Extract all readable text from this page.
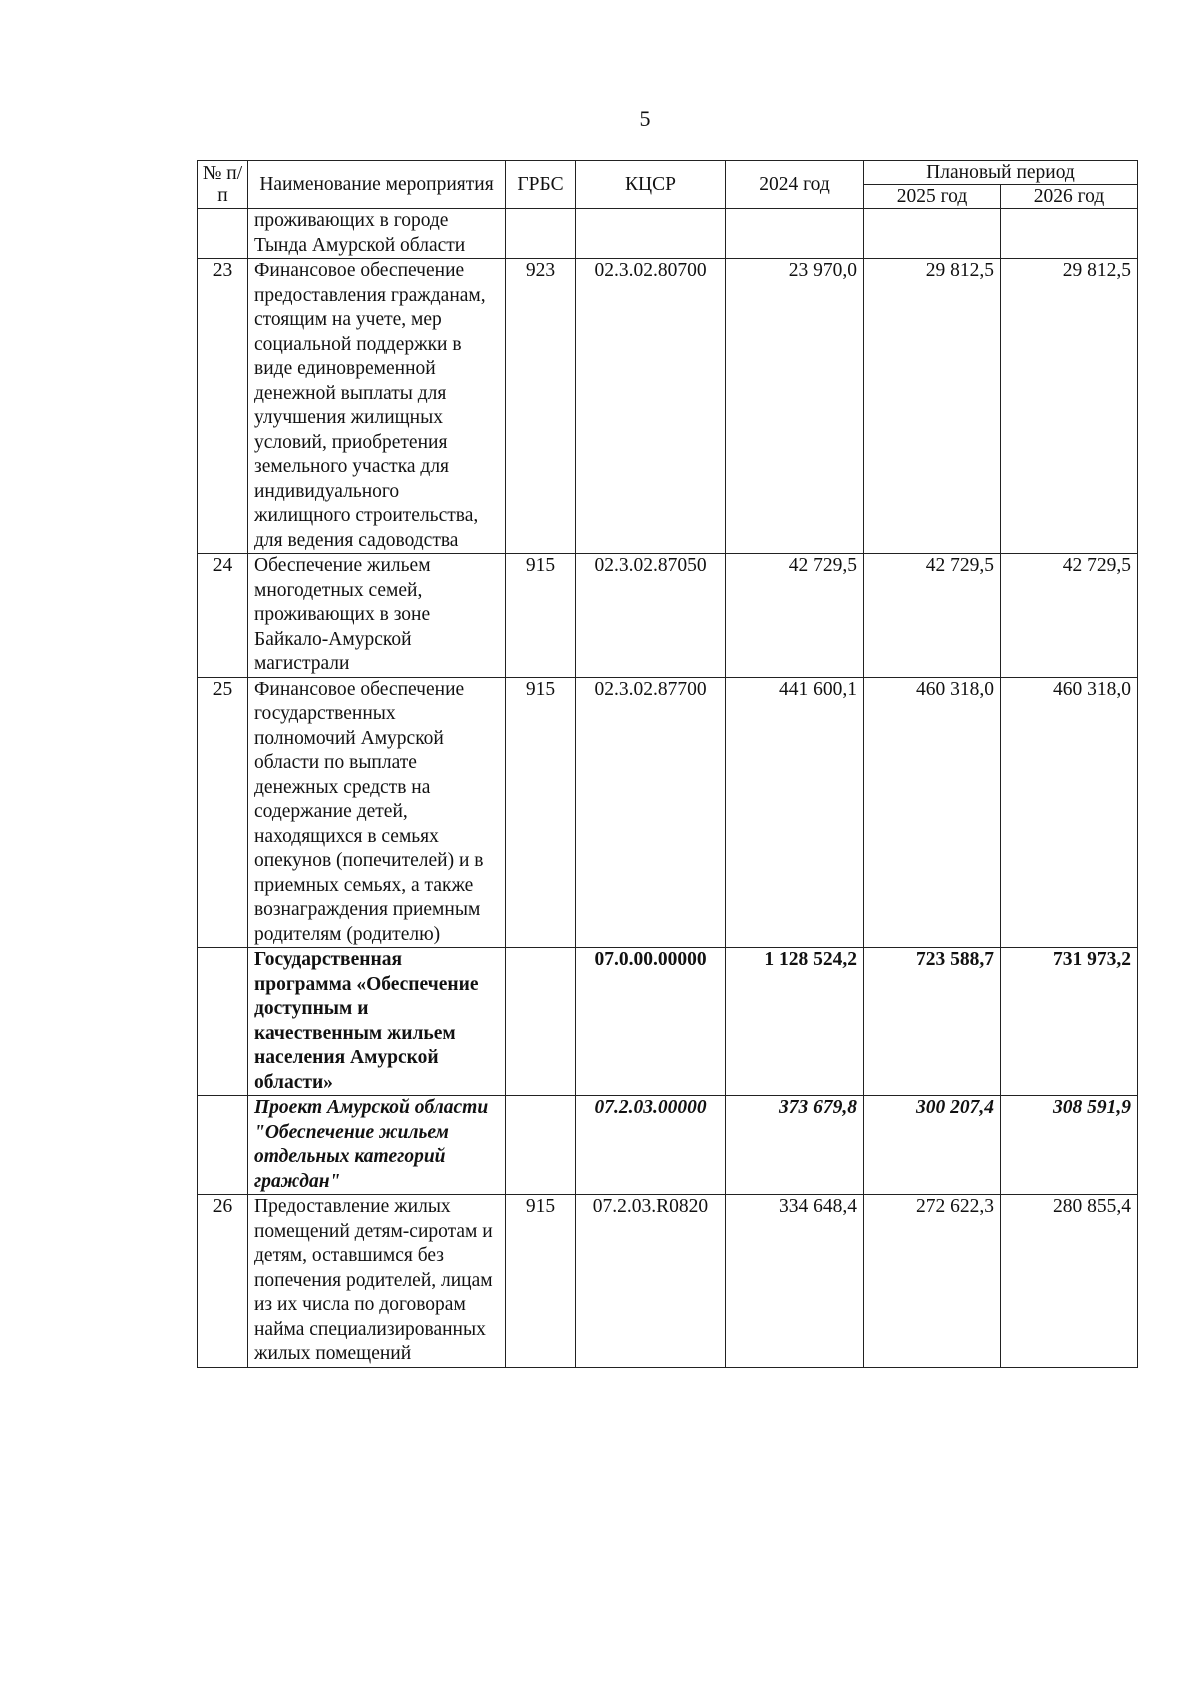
5
№ п/п	Наименование мероприятия	ГРБС	КЦСР	2024 год	Плановый период	
					2025 год	2026 год
	проживающих в городе Тында Амурской области					
23	Финансовое обеспечение предоставления гражданам, стоящим на учете, мер социальной поддержки в виде единовременной денежной выплаты для улучшения жилищных условий, приобретения земельного участка для индивидуального жилищного строительства, для ведения садоводства	923	02.3.02.80700	23 970,0	29 812,5	29 812,5
24	Обеспечение жильем многодетных семей, проживающих в зоне Байкало-Амурской магистрали	915	02.3.02.87050	42 729,5	42 729,5	42 729,5
25	Финансовое обеспечение государственных полномочий Амурской области по выплате денежных средств на содержание детей, находящихся в семьях опекунов (попечителей) и в приемных семьях, а также вознаграждения приемным родителям (родителю)	915	02.3.02.87700	441 600,1	460 318,0	460 318,0
	Государственная программа «Обеспечение доступным и качественным жильем населения Амурской области»		07.0.00.00000	1 128 524,2	723 588,7	731 973,2
	Проект Амурской области "Обеспечение жильем отдельных категорий граждан"		07.2.03.00000	373 679,8	300 207,4	308 591,9
26	Предоставление жилых помещений детям-сиротам и детям, оставшимся без попечения родителей, лицам из их числа по договорам найма специализированных жилых помещений	915	07.2.03.R0820	334 648,4	272 622,3	280 855,4
